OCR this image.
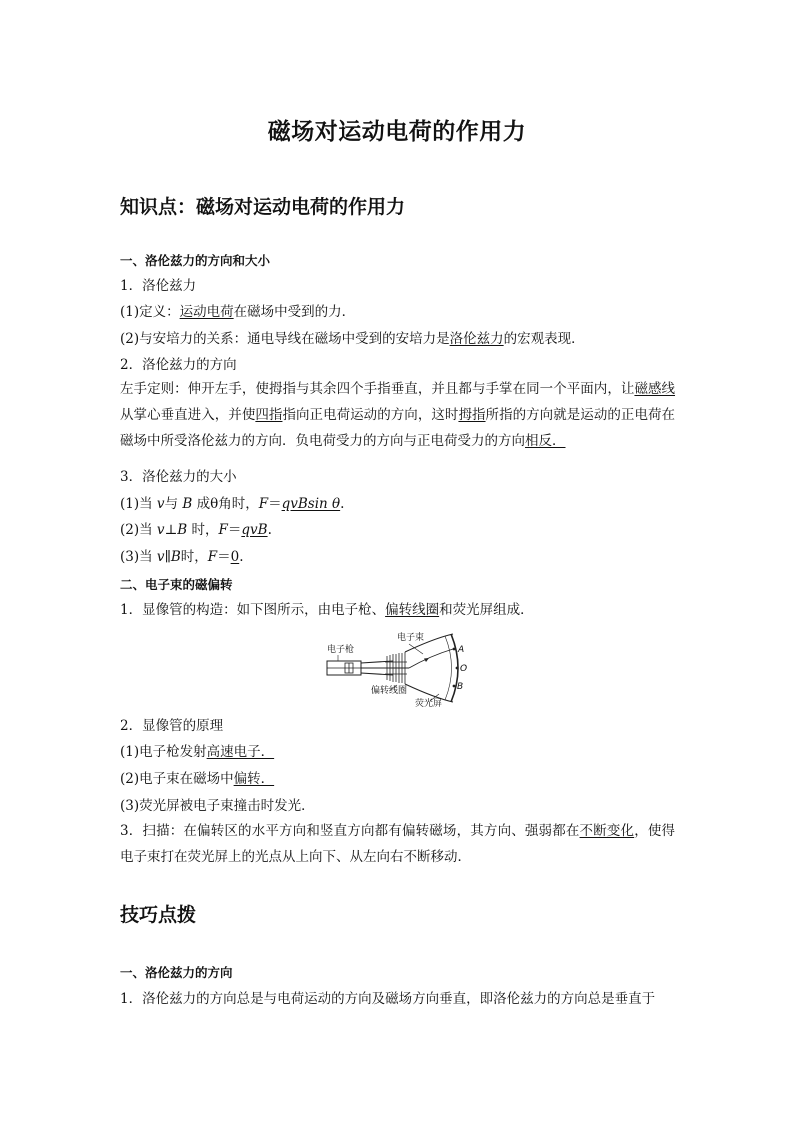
磁场对运动电荷的作用力
知识点：磁场对运动电荷的作用力
一、洛伦兹力的方向和大小
1．洛伦兹力
(1)定义：运动电荷在磁场中受到的力．
(2)与安培力的关系：通电导线在磁场中受到的安培力是洛伦兹力的宏观表现．
2．洛伦兹力的方向
左手定则：伸开左手，使拇指与其余四个手指垂直，并且都与手掌在同一个平面内，让磁感线从掌心垂直进入，并使四指指向正电荷运动的方向，这时拇指所指的方向就是运动的正电荷在磁场中所受洛伦兹力的方向．负电荷受力的方向与正电荷受力的方向相反．
3．洛伦兹力的大小
(1)当 v与 B 成θ角时，F＝qvBsin θ.
(2)当 v⊥B 时，F＝qvB.
(3)当 v∥B时，F＝0.
二、电子束的磁偏转
1．显像管的构造：如下图所示，由电子枪、偏转线圈和荧光屏组成．
电子枪
电子束
偏转线圈
荧光屏
A
O
B
2．显像管的原理
(1)电子枪发射高速电子．
(2)电子束在磁场中偏转．
(3)荧光屏被电子束撞击时发光．
3．扫描：在偏转区的水平方向和竖直方向都有偏转磁场，其方向、强弱都在不断变化，使得电子束打在荧光屏上的光点从上向下、从左向右不断移动．
技巧点拨
一、洛伦兹力的方向
1．洛伦兹力的方向总是与电荷运动的方向及磁场方向垂直，即洛伦兹力的方向总是垂直于
